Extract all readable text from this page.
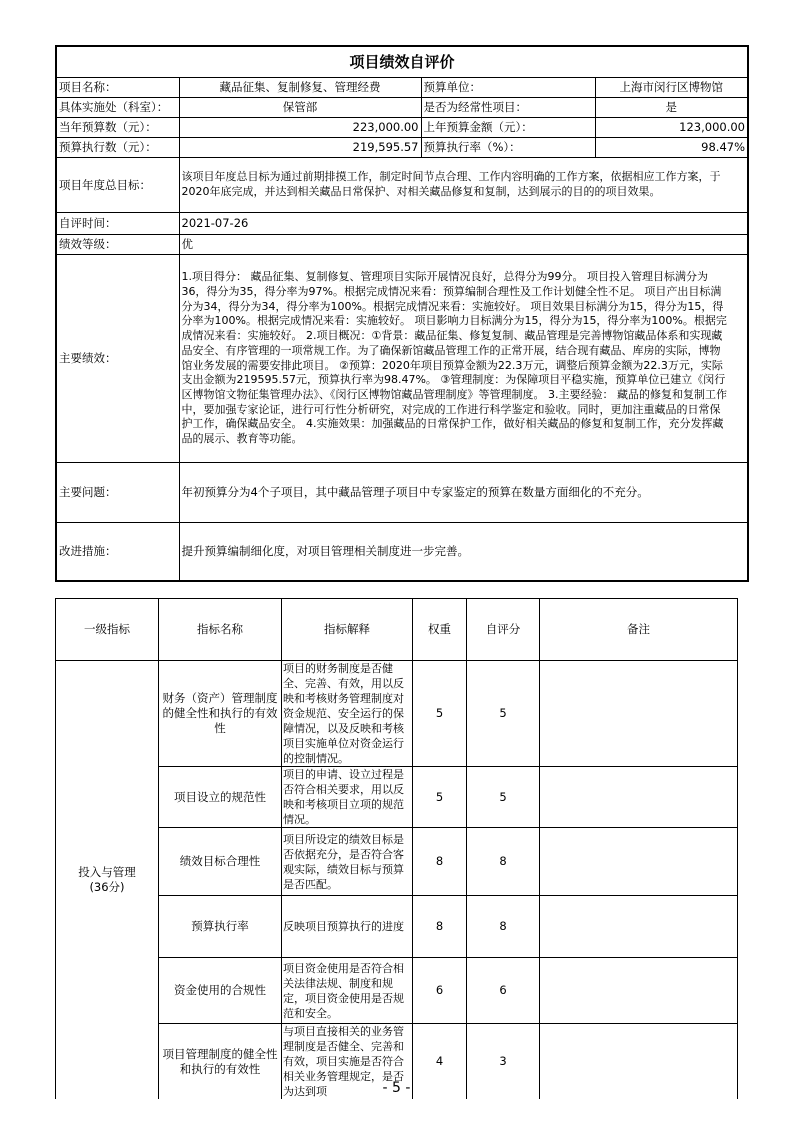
项目绩效自评价			
项目名称：	藏品征集、复制修复、管理经费	预算单位：	上海市闵行区博物馆
具体实施处（科室）：	保管部	是否为经常性项目：	是
当年预算数（元）：	223,000.00	上年预算金额（元）：	123,000.00
预算执行数（元）：	219,595.57	预算执行率（%）：	98.47%
项目年度总目标：	该项目年度总目标为通过前期排摸工作，制定时间节点合理、工作内容明确的工作方案，依据相应工作方案，于2020年底完成，并达到相关藏品日常保护、对相关藏品修复和复制，达到展示的目的的项目效果。		
自评时间：	2021-07-26		
绩效等级：	优		
主要绩效：	1.项目得分： 藏品征集、复制修复、管理项目实际开展情况良好，总得分为99分。 项目投入管理目标满分为36，得分为35，得分率为97%。根据完成情况来看：预算编制合理性及工作计划健全性不足。 项目产出目标满分为34，得分为34，得分率为100%。根据完成情况来看：实施较好。 项目效果目标满分为15，得分为15，得分率为100%。根据完成情况来看：实施较好。 项目影响力目标满分为15，得分为15，得分率为100%。根据完成情况来看：实施较好。 2.项目概况：①背景：藏品征集、修复复制、藏品管理是完善博物馆藏品体系和实现藏品安全、有序管理的一项常规工作。为了确保新馆藏品管理工作的正常开展，结合现有藏品、库房的实际，博物馆业务发展的需要安排此项目。 ②预算：2020年项目预算金额为22.3万元，调整后预算金额为22.3万元，实际支出金额为219595.57元，预算执行率为98.47%。 ③管理制度：为保障项目平稳实施，预算单位已建立《闵行区博物馆文物征集管理办法》、《闵行区博物馆藏品管理制度》等管理制度。 3.主要经验： 藏品的修复和复制工作中，要加强专家论证，进行可行性分析研究，对完成的工作进行科学鉴定和验收。同时，更加注重藏品的日常保护工作，确保藏品安全。 4.实施效果：加强藏品的日常保护工作，做好相关藏品的修复和复制工作，充分发挥藏品的展示、教育等功能。		
主要问题：	年初预算分为4个子项目，其中藏品管理子项目中专家鉴定的预算在数量方面细化的不充分。		
改进措施：	提升预算编制细化度，对项目管理相关制度进一步完善。		
一级指标	指标名称	指标解释	权重	自评分	备注
投入与管理
(36分)	财务（资产）管理制度的健全性和执行的有效性	项目的财务制度是否健全、完善、有效，用以反映和考核财务管理制度对资金规范、安全运行的保障情况，以及反映和考核项目实施单位对资金运行的控制情况。	5	5	
	项目设立的规范性	项目的申请、设立过程是否符合相关要求，用以反映和考核项目立项的规范情况。	5	5	
	绩效目标合理性	项目所设定的绩效目标是否依据充分，是否符合客观实际，绩效目标与预算是否匹配。	8	8	
	预算执行率	反映项目预算执行的进度	8	8	
	资金使用的合规性	项目资金使用是否符合相关法律法规、制度和规定，项目资金使用是否规范和安全。	6	6	
	项目管理制度的健全性和执行的有效性	与项目直接相关的业务管理制度是否健全、完善和有效，项目实施是否符合相关业务管理规定，是否为达到项	4	3	
- 5 -
